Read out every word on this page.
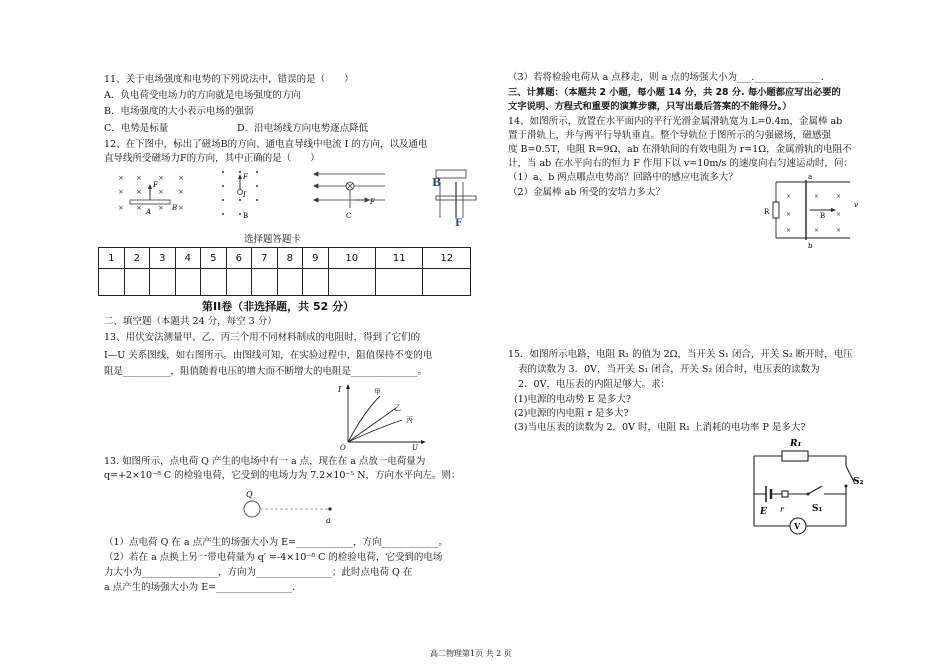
11、关于电场强度和电势的下列说法中，错误的是（　　）
A．负电荷受电场力的方向就是电场强度的方向
B．电场强度的大小表示电场的强弱
C．电势是标量	D．沿电场线方向电势逐点降低
12、在下图中，标出了磁场B的方向、通电直导线中电流 I 的方向，以及通电
直导线所受磁场力F的方向，其中正确的是（　　）
× × × ×
× × × ×
× × × ×
F
A	B
F
I
B
F
C
B
F
选择题答题卡
1	2	3	4	5	6	7	8	9	10	11	12

第II卷（非选择题，共 52 分）
二、填空题（本题共 24 分，每空 3 分）
13、用伏安法测量甲、乙、丙三个用不同材料制成的电阻时，得到了它们的
I—U 关系图线，如右图所示。由图线可知，在实验过程中，阻值保持不变的电
阻是__________，阻值随着电压的增大而不断增大的电阻是______________。
I
O	U
甲
乙
丙
13. 如图所示，点电荷 Q 产生的电场中有一 a 点，现在在 a 点放一电荷量为
q=+2×10⁻⁸ C 的检验电荷，它受到的电场力为 7.2×10⁻⁵ N，方向水平向左。则：
Q
a
（1）点电荷 Q 在 a 点产生的场强大小为 E=____________，方向____________。
（2）若在 a 点换上另一带电荷量为 q′ =-4×10⁻⁸ C 的检验电荷，它受到的电场
力大小为________________，方向为________________；此时点电荷 Q 在
a 点产生的场强大小为 E=________________.
（3）若将检验电荷从 a 点移走，则 a 点的场强大小为___.______________.
三、计算题：（本题共 2 小题，每小题 14 分，共 28 分. 每小题都应写出必要的
文字说明、方程式和重要的演算步骤，只写出最后答案的不能得分。）
14、如图所示，放置在水平面内的平行光滑金属滑轨宽为 L=0.4m，金属棒 ab
置于滑轨上，并与两平行导轨垂直。整个导轨位于图所示的匀强磁场，磁感强
度 B=0.5T，电阻 R=9Ω，ab 在滑轨间的有效电阻为 r=1Ω，金属滑轨的电阻不
计，当 ab 在水平向右的恒力 F 作用下以 v=10m/s 的速度向右匀速运动时，问：
（1）a、b 两点哪点电势高？回路中的感应电流多大？
（2）金属棒 ab 所受的安培力多大？	×	×	×
×	×
×	×	×
a
b
R	B
v
15．如图所示电路，电阻 R₁ 的值为 2Ω，当开关 S₁ 闭合，开关 S₂ 断开时，电压
表的读数为 3．0V，当开关 S₁ 闭合，开关 S₂ 闭合时，电压表的读数为
2．0V，电压表的内阻足够大。求：
(1)电源的电动势 E 是多大?
(2)电源的内电阻 r 是多大?
(3)当电压表的读数为 2．0V 时，电阻 R₁ 上消耗的电功率 P 是多大?
R₁
S₂
S₁
E r
V
高二物理第1页 共 2 页
